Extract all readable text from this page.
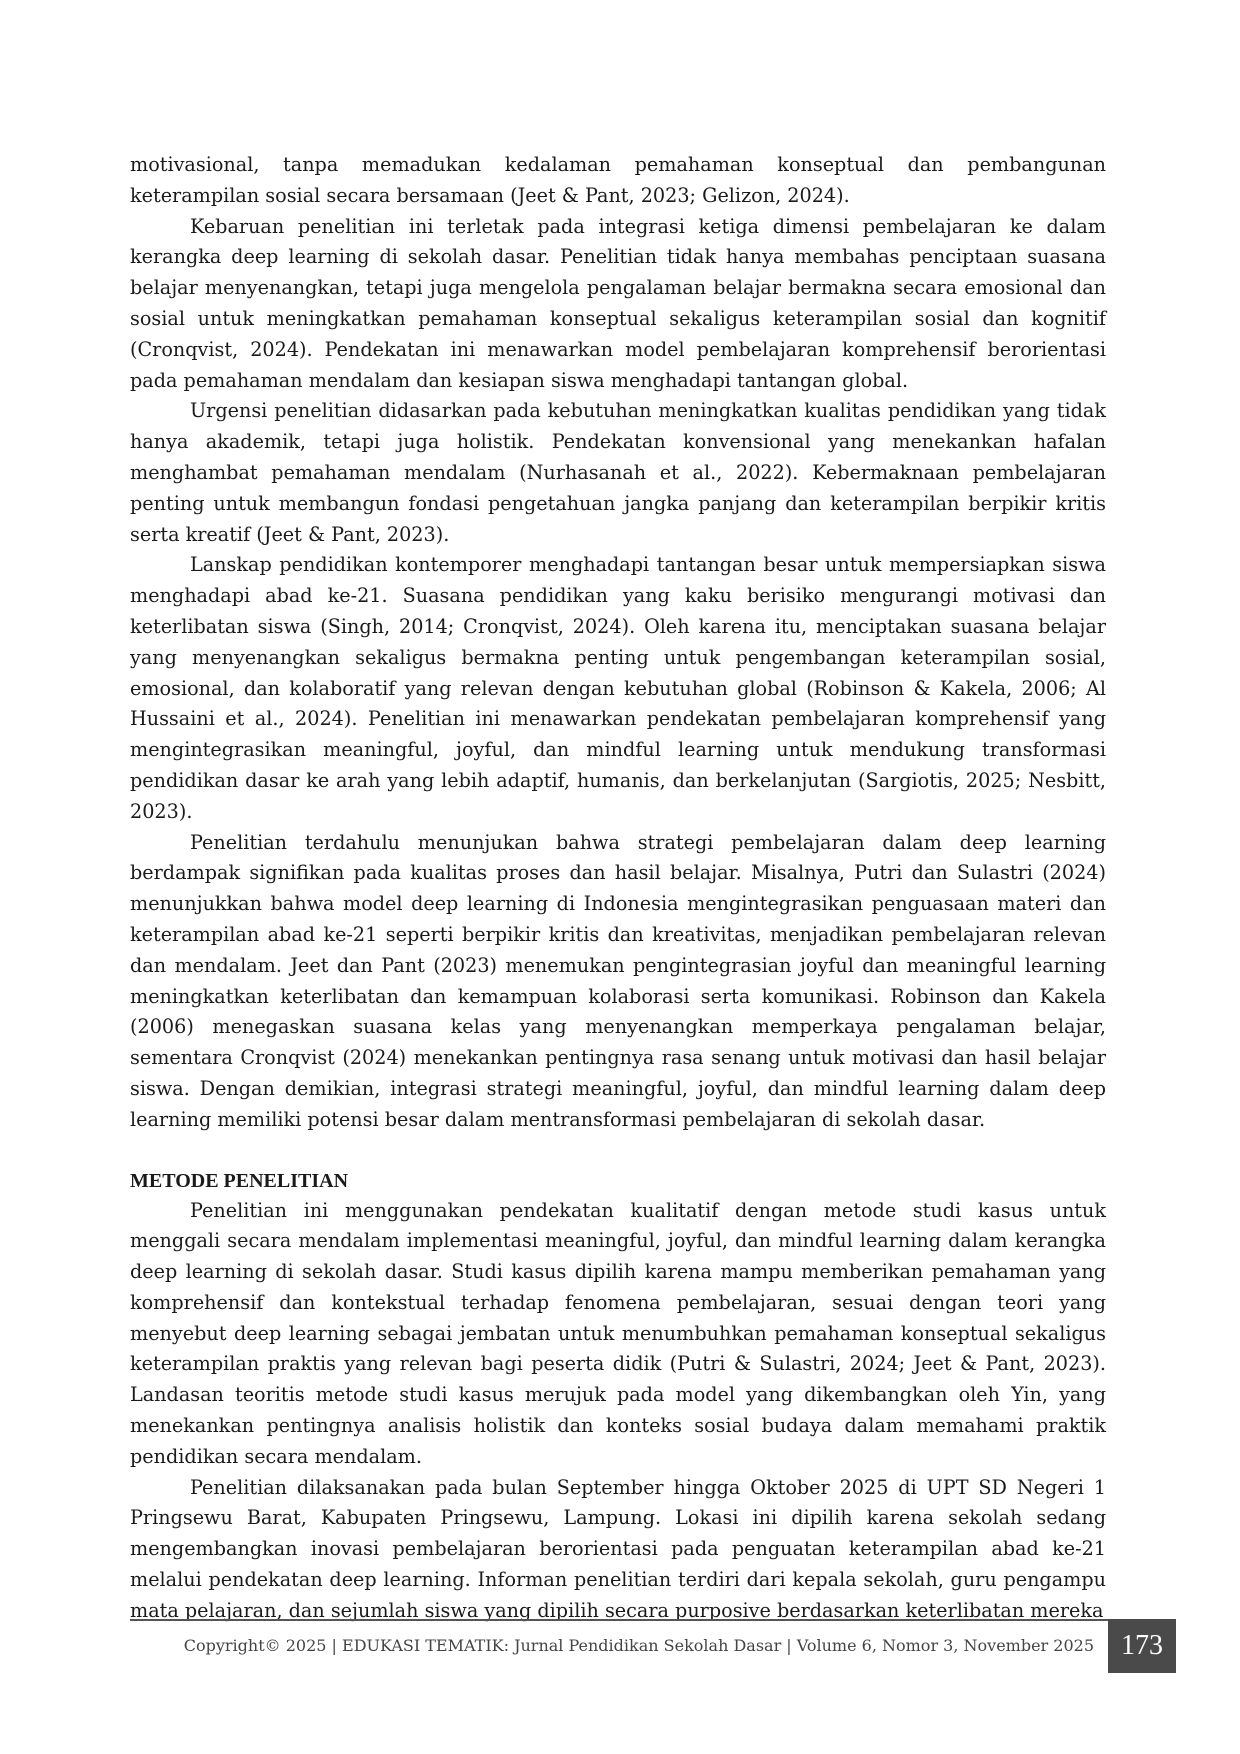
motivasional, tanpa memadukan kedalaman pemahaman konseptual dan pembangunan keterampilan sosial secara bersamaan (Jeet & Pant, 2023; Gelizon, 2024).

Kebaruan penelitian ini terletak pada integrasi ketiga dimensi pembelajaran ke dalam kerangka deep learning di sekolah dasar. Penelitian tidak hanya membahas penciptaan suasana belajar menyenangkan, tetapi juga mengelola pengalaman belajar bermakna secara emosional dan sosial untuk meningkatkan pemahaman konseptual sekaligus keterampilan sosial dan kognitif (Cronqvist, 2024). Pendekatan ini menawarkan model pembelajaran komprehensif berorientasi pada pemahaman mendalam dan kesiapan siswa menghadapi tantangan global.

Urgensi penelitian didasarkan pada kebutuhan meningkatkan kualitas pendidikan yang tidak hanya akademik, tetapi juga holistik. Pendekatan konvensional yang menekankan hafalan menghambat pemahaman mendalam (Nurhasanah et al., 2022). Kebermaknaan pembelajaran penting untuk membangun fondasi pengetahuan jangka panjang dan keterampilan berpikir kritis serta kreatif (Jeet & Pant, 2023).

Lanskap pendidikan kontemporer menghadapi tantangan besar untuk mempersiapkan siswa menghadapi abad ke-21. Suasana pendidikan yang kaku berisiko mengurangi motivasi dan keterlibatan siswa (Singh, 2014; Cronqvist, 2024). Oleh karena itu, menciptakan suasana belajar yang menyenangkan sekaligus bermakna penting untuk pengembangan keterampilan sosial, emosional, dan kolaboratif yang relevan dengan kebutuhan global (Robinson & Kakela, 2006; Al Hussaini et al., 2024). Penelitian ini menawarkan pendekatan pembelajaran komprehensif yang mengintegrasikan meaningful, joyful, dan mindful learning untuk mendukung transformasi pendidikan dasar ke arah yang lebih adaptif, humanis, dan berkelanjutan (Sargiotis, 2025; Nesbitt, 2023).

Penelitian terdahulu menunjukan bahwa strategi pembelajaran dalam deep learning berdampak signifikan pada kualitas proses dan hasil belajar. Misalnya, Putri dan Sulastri (2024) menunjukkan bahwa model deep learning di Indonesia mengintegrasikan penguasaan materi dan keterampilan abad ke-21 seperti berpikir kritis dan kreativitas, menjadikan pembelajaran relevan dan mendalam. Jeet dan Pant (2023) menemukan pengintegrasian joyful dan meaningful learning meningkatkan keterlibatan dan kemampuan kolaborasi serta komunikasi. Robinson dan Kakela (2006) menegaskan suasana kelas yang menyenangkan memperkaya pengalaman belajar, sementara Cronqvist (2024) menekankan pentingnya rasa senang untuk motivasi dan hasil belajar siswa. Dengan demikian, integrasi strategi meaningful, joyful, dan mindful learning dalam deep learning memiliki potensi besar dalam mentransformasi pembelajaran di sekolah dasar.

METODE PENELITIAN

Penelitian ini menggunakan pendekatan kualitatif dengan metode studi kasus untuk menggali secara mendalam implementasi meaningful, joyful, dan mindful learning dalam kerangka deep learning di sekolah dasar. Studi kasus dipilih karena mampu memberikan pemahaman yang komprehensif dan kontekstual terhadap fenomena pembelajaran, sesuai dengan teori yang menyebut deep learning sebagai jembatan untuk menumbuhkan pemahaman konseptual sekaligus keterampilan praktis yang relevan bagi peserta didik (Putri & Sulastri, 2024; Jeet & Pant, 2023). Landasan teoritis metode studi kasus merujuk pada model yang dikembangkan oleh Yin, yang menekankan pentingnya analisis holistik dan konteks sosial budaya dalam memahami praktik pendidikan secara mendalam.

Penelitian dilaksanakan pada bulan September hingga Oktober 2025 di UPT SD Negeri 1 Pringsewu Barat, Kabupaten Pringsewu, Lampung. Lokasi ini dipilih karena sekolah sedang mengembangkan inovasi pembelajaran berorientasi pada penguatan keterampilan abad ke-21 melalui pendekatan deep learning. Informan penelitian terdiri dari kepala sekolah, guru pengampu mata pelajaran, dan sejumlah siswa yang dipilih secara purposive berdasarkan keterlibatan mereka

Copyright© 2025 | EDUKASI TEMATIK: Jurnal Pendidikan Sekolah Dasar | Volume 6, Nomor 3, November 2025 173
